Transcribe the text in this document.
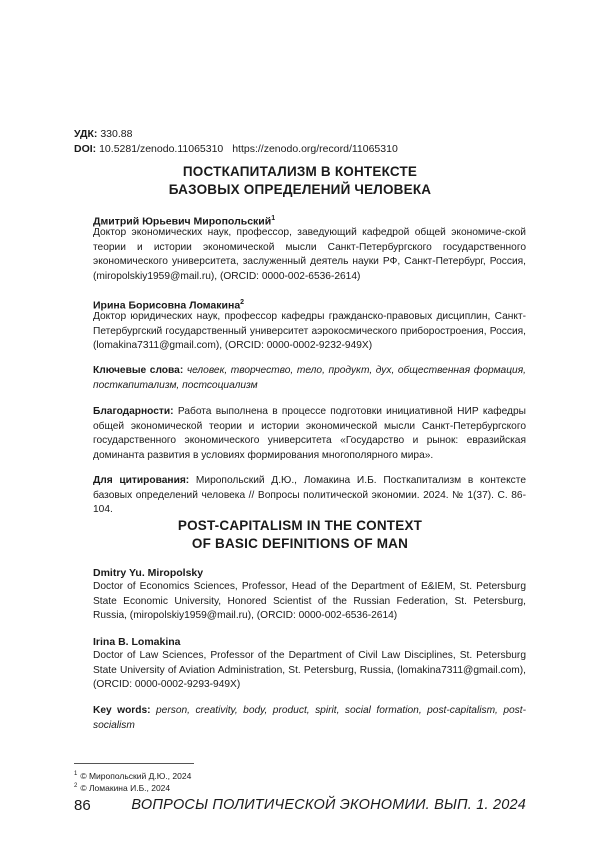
УДК: 330.88
DOI: 10.5281/zenodo.11065310 https://zenodo.org/record/11065310
ПОСТКАПИТАЛИЗМ В КОНТЕКСТЕ
БАЗОВЫХ ОПРЕДЕЛЕНИЙ ЧЕЛОВЕКА
Дмитрий Юрьевич Миропольский$^1$
Доктор экономических наук, профессор, заведующий кафедрой общей экономиче-ской теории и истории экономической мысли Санкт-Петербургского государственного экономического университета, заслуженный деятель науки РФ, Санкт-Петербург, Россия, (miropolskiy1959@mail.ru), (ORCID: 0000-002-6536-2614)
Ирина Борисовна Ломакина$^2$
Доктор юридических наук, профессор кафедры гражданско-правовых дисциплин, Санкт-Петербургский государственный университет аэрокосмического приборостроения, Россия, (lomakina7311@gmail.com), (ORCID: 0000-0002-9232-949X)
Ключевые слова: человек, творчество, тело, продукт, дух, общественная формация, посткапитализм, постсоциализм
Благодарности: Работа выполнена в процессе подготовки инициативной НИР кафедры общей экономической теории и истории экономической мысли Санкт-Петербургского государственного экономического университета «Государство и рынок: евразийская доминанта развития в условиях формирования многополярного мира».
Для цитирования: Миропольский Д.Ю., Ломакина И.Б. Посткапитализм в контексте базовых определений человека // Вопросы политической экономии. 2024. № 1(37). С. 86-104.
POST-CAPITALISM IN THE CONTEXT
OF BASIC DEFINITIONS OF MAN
Dmitry Yu. Miropolsky
Doctor of Economics Sciences, Professor, Head of the Department of E&IEM, St. Petersburg State Economic University, Honored Scientist of the Russian Federation, St. Petersburg, Russia, (miropolskiy1959@mail.ru), (ORCID: 0000-002-6536-2614)
Irina B. Lomakina
Doctor of Law Sciences, Professor of the Department of Civil Law Disciplines, St. Petersburg State University of Aviation Administration, St. Petersburg, Russia, (lomakina7311@gmail.com), (ORCID: 0000-0002-9293-949X)
Key words: person, creativity, body, product, spirit, social formation, post-capitalism, post-socialism
$^1$ © Миропольский Д.Ю., 2024
$^2$ © Ломакина И.Б., 2024
86	ВОПРОСЫ ПОЛИТИЧЕСКОЙ ЭКОНОМИИ. ВЫП. 1. 2024
